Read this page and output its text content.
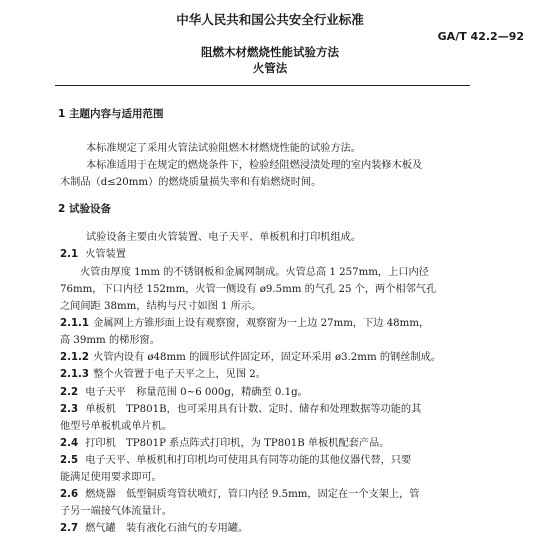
中华人民共和国公共安全行业标准
GA/T 42.2—92
阻燃木材燃烧性能试验方法
火管法
1 主题内容与适用范围
本标准规定了采用火管法试验阻燃木材燃烧性能的试验方法。
本标准适用于在规定的燃烧条件下，检验经阻燃浸渍处理的室内装修木板及
木制品（d≤20mm）的燃烧质量损失率和有焰燃烧时间。
2 试验设备
试验设备主要由火管装置、电子天平、单板机和打印机组成。
2.1 火管装置
火管由厚度 1mm 的不锈钢板和金属网制成。火管总高 1 257mm，上口内径
76mm，下口内径 152mm，火管一侧设有 ø9.5mm 的气孔 25 个，两个相邻气孔
之间间距 38mm，结构与尺寸如图 1 所示。
2.1.1 金属网上方锥形面上设有观察窗，观察窗为一上边 27mm，下边 48mm，
高 39mm 的梯形窗。
2.1.2 火管内设有 ø48mm 的圆形试件固定环，固定环采用 ø3.2mm 的钢丝制成。
2.1.3 整个火管置于电子天平之上，见图 2。
2.2 电子天平　称量范围 0~6 000g，精确至 0.1g。
2.3 单板机　TP801B，也可采用具有计数、定时、储存和处理数据等功能的其
他型号单板机或单片机。
2.4 打印机　TP801P 系点阵式打印机，为 TP801B 单板机配套产品。
2.5 电子天平、单板机和打印机均可使用具有同等功能的其他仪器代替，只要
能满足使用要求即可。
2.6 燃烧器　低型铜质弯管状喷灯，管口内径 9.5mm，固定在一个支架上，管
子另一端接气体流量计。
2.7 燃气罐　装有液化石油气的专用罐。
